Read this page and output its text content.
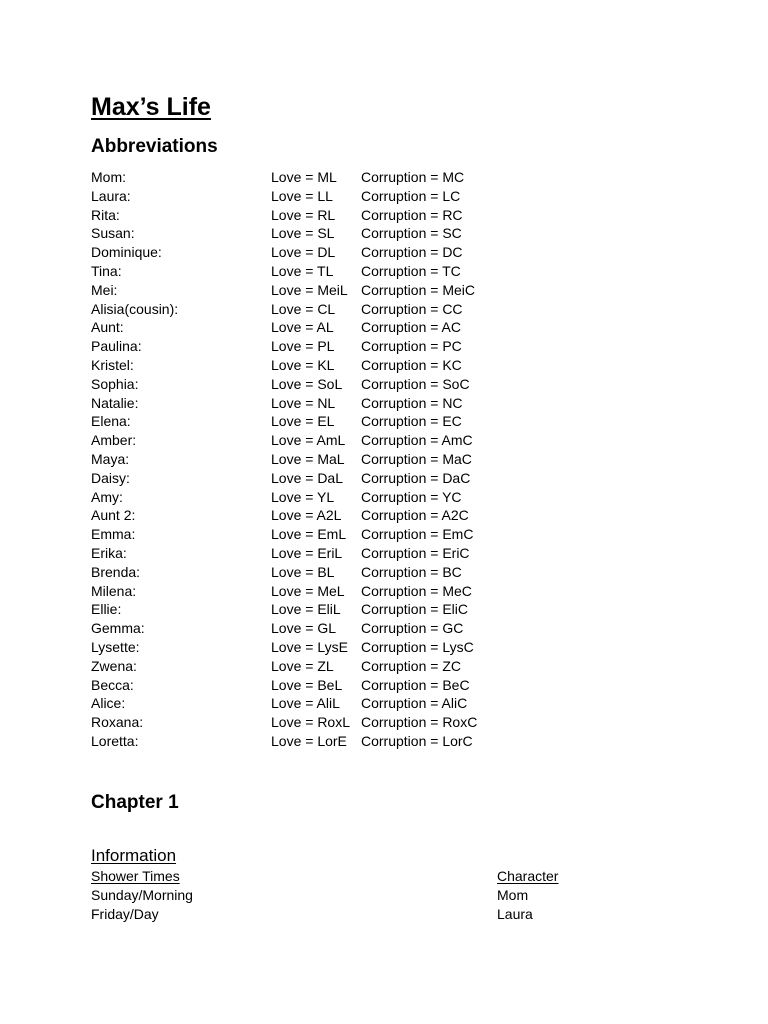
Max’s Life
Abbreviations
Mom:	Love = ML Corruption = MC
Laura:	Love = LL Corruption = LC
Rita:	Love = RL Corruption = RC
Susan:	Love = SL Corruption = SC
Dominique:	Love = DL Corruption = DC
Tina:	Love = TL Corruption = TC
Mei:	Love = MeiL Corruption = MeiC
Alisia(cousin):	Love = CL Corruption = CC
Aunt:	Love = AL Corruption = AC
Paulina:	Love = PL Corruption = PC
Kristel:	Love = KL Corruption = KC
Sophia:	Love = SoL Corruption = SoC
Natalie:	Love = NL Corruption = NC
Elena:	Love = EL Corruption = EC
Amber:	Love = AmL Corruption = AmC
Maya:	Love = MaL Corruption = MaC
Daisy:	Love = DaL Corruption = DaC
Amy:	Love = YL Corruption = YC
Aunt 2:	Love = A2L Corruption = A2C
Emma:	Love = EmL Corruption = EmC
Erika:	Love = EriL Corruption = EriC
Brenda:	Love = BL Corruption = BC
Milena:	Love = MeL Corruption = MeC
Ellie:	Love = EliL Corruption = EliC
Gemma:	Love = GL Corruption = GC
Lysette:	Love = LysE Corruption = LysC
Zwena:	Love = ZL Corruption = ZC
Becca:	Love = BeL Corruption = BeC
Alice:	Love = AliL Corruption = AliC
Roxana:	Love = RoxL Corruption = RoxC
Loretta:	Love = LorE Corruption = LorC
Chapter 1
Information
Shower Times	Character
Sunday/Morning	Mom
Friday/Day	Laura
